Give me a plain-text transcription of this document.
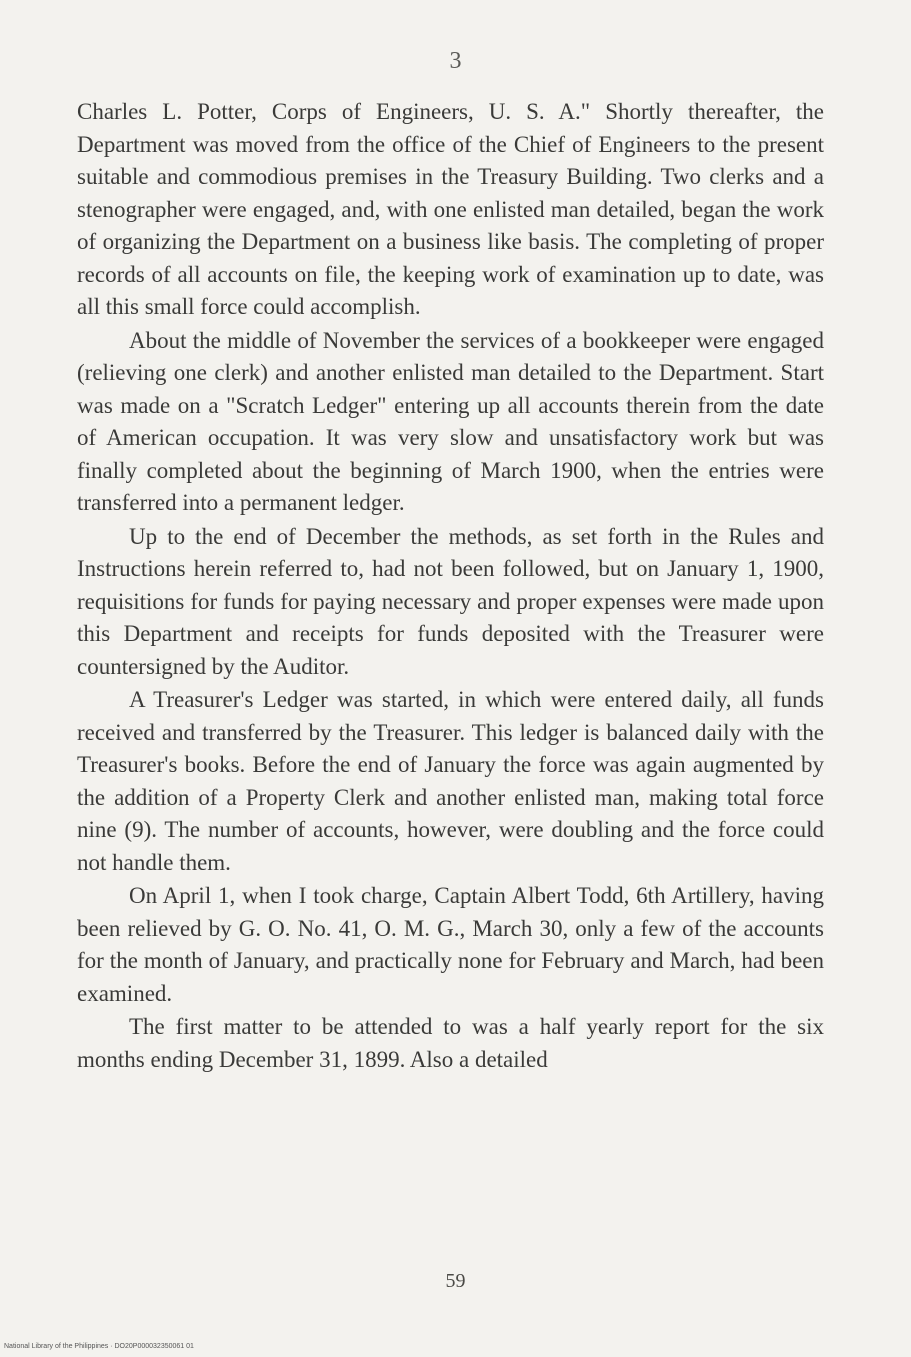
3

Charles L. Potter, Corps of Engineers, U. S. A." Shortly thereafter, the Department was moved from the office of the Chief of Engineers to the present suitable and commodious premises in the Treasury Building. Two clerks and a stenographer were engaged, and, with one enlisted man detailed, began the work of organizing the Department on a business like basis. The completing of proper records of all accounts on file, the keeping work of examination up to date, was all this small force could accomplish.

About the middle of November the services of a bookkeeper were engaged (relieving one clerk) and another enlisted man detailed to the Department. Start was made on a "Scratch Ledger" entering up all accounts therein from the date of American occupation. It was very slow and unsatisfactory work but was finally completed about the beginning of March 1900, when the entries were transferred into a permanent ledger.

Up to the end of December the methods, as set forth in the Rules and Instructions herein referred to, had not been followed, but on January 1, 1900, requisitions for funds for paying necessary and proper expenses were made upon this Department and receipts for funds deposited with the Treasurer were countersigned by the Auditor.

A Treasurer's Ledger was started, in which were entered daily, all funds received and transferred by the Treasurer. This ledger is balanced daily with the Treasurer's books. Before the end of January the force was again augmented by the addition of a Property Clerk and another enlisted man, making total force nine (9). The number of accounts, however, were doubling and the force could not handle them.

On April 1, when I took charge, Captain Albert Todd, 6th Artillery, having been relieved by G. O. No. 41, O. M. G., March 30, only a few of the accounts for the month of January, and practically none for February and March, had been examined.

The first matter to be attended to was a half yearly report for the six months ending December 31, 1899. Also a detailed

59
National Library of the Philippines · DO20P000032350061 01
